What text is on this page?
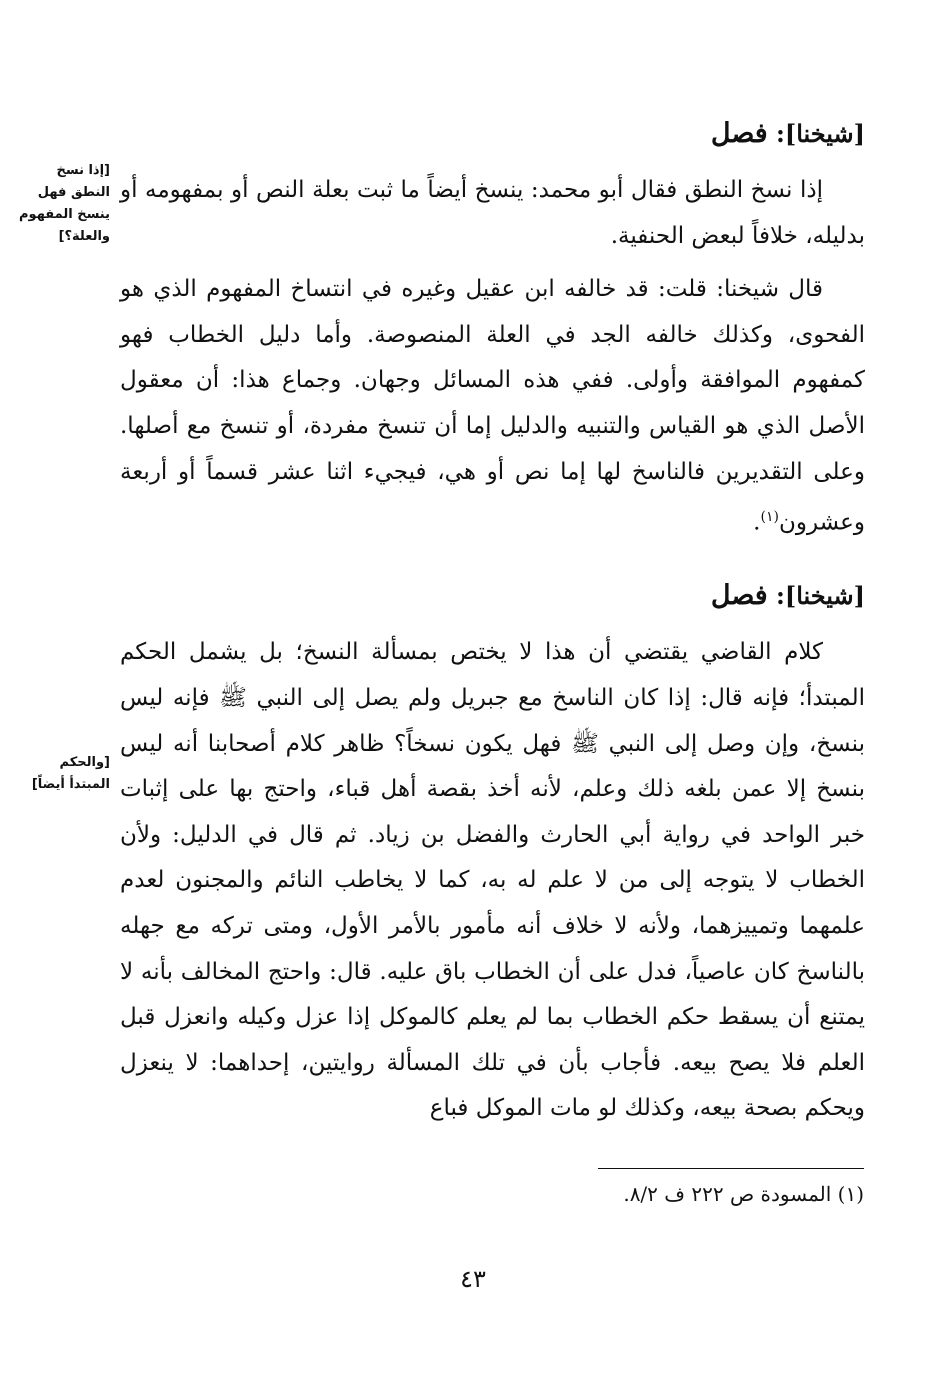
[شيخنا]: فصل

إذا نسخ النطق فقال أبو محمد: ينسخ أيضاً ما ثبت بعلة النص أو بمفهومه أو بدليله، خلافاً لبعض الحنفية.

قال شيخنا: قلت: قد خالفه ابن عقيل وغيره في انتساخ المفهوم الذي هو الفحوى، وكذلك خالفه الجد في العلة المنصوصة. وأما دليل الخطاب فهو كمفهوم الموافقة وأولى. ففي هذه المسائل وجهان. وجماع هذا: أن معقول الأصل الذي هو القياس والتنبيه والدليل إما أن تنسخ مفردة، أو تنسخ مع أصلها. وعلى التقديرين فالناسخ لها إما نص أو هي، فيجيء اثنا عشر قسماً أو أربعة وعشرون$^{(١)}$.

[شيخنا]: فصل

كلام القاضي يقتضي أن هذا لا يختص بمسألة النسخ؛ بل يشمل الحكم المبتدأ؛ فإنه قال: إذا كان الناسخ مع جبريل ولم يصل إلى النبي ﷺ فإنه ليس بنسخ، وإن وصل إلى النبي ﷺ فهل يكون نسخاً؟ ظاهر كلام أصحابنا أنه ليس بنسخ إلا عمن بلغه ذلك وعلم، لأنه أخذ بقصة أهل قباء، واحتج بها على إثبات خبر الواحد في رواية أبي الحارث والفضل بن زياد. ثم قال في الدليل: ولأن الخطاب لا يتوجه إلى من لا علم له به، كما لا يخاطب النائم والمجنون لعدم علمهما وتمييزهما، ولأنه لا خلاف أنه مأمور بالأمر الأول، ومتى تركه مع جهله بالناسخ كان عاصياً، فدل على أن الخطاب باق عليه. قال: واحتج المخالف بأنه لا يمتنع أن يسقط حكم الخطاب بما لم يعلم كالموكل إذا عزل وكيله وانعزل قبل العلم فلا يصح بيعه. فأجاب بأن في تلك المسألة روايتين، إحداهما: لا ينعزل ويحكم بصحة بيعه، وكذلك لو مات الموكل فباع

[إذا نسخ النطق فهل ينسخ المفهوم والعلة؟]
[والحكم المبتدأ أيضاً]
(١) المسودة ص ٢٢٢ ف ٨/٢.
٤٣
